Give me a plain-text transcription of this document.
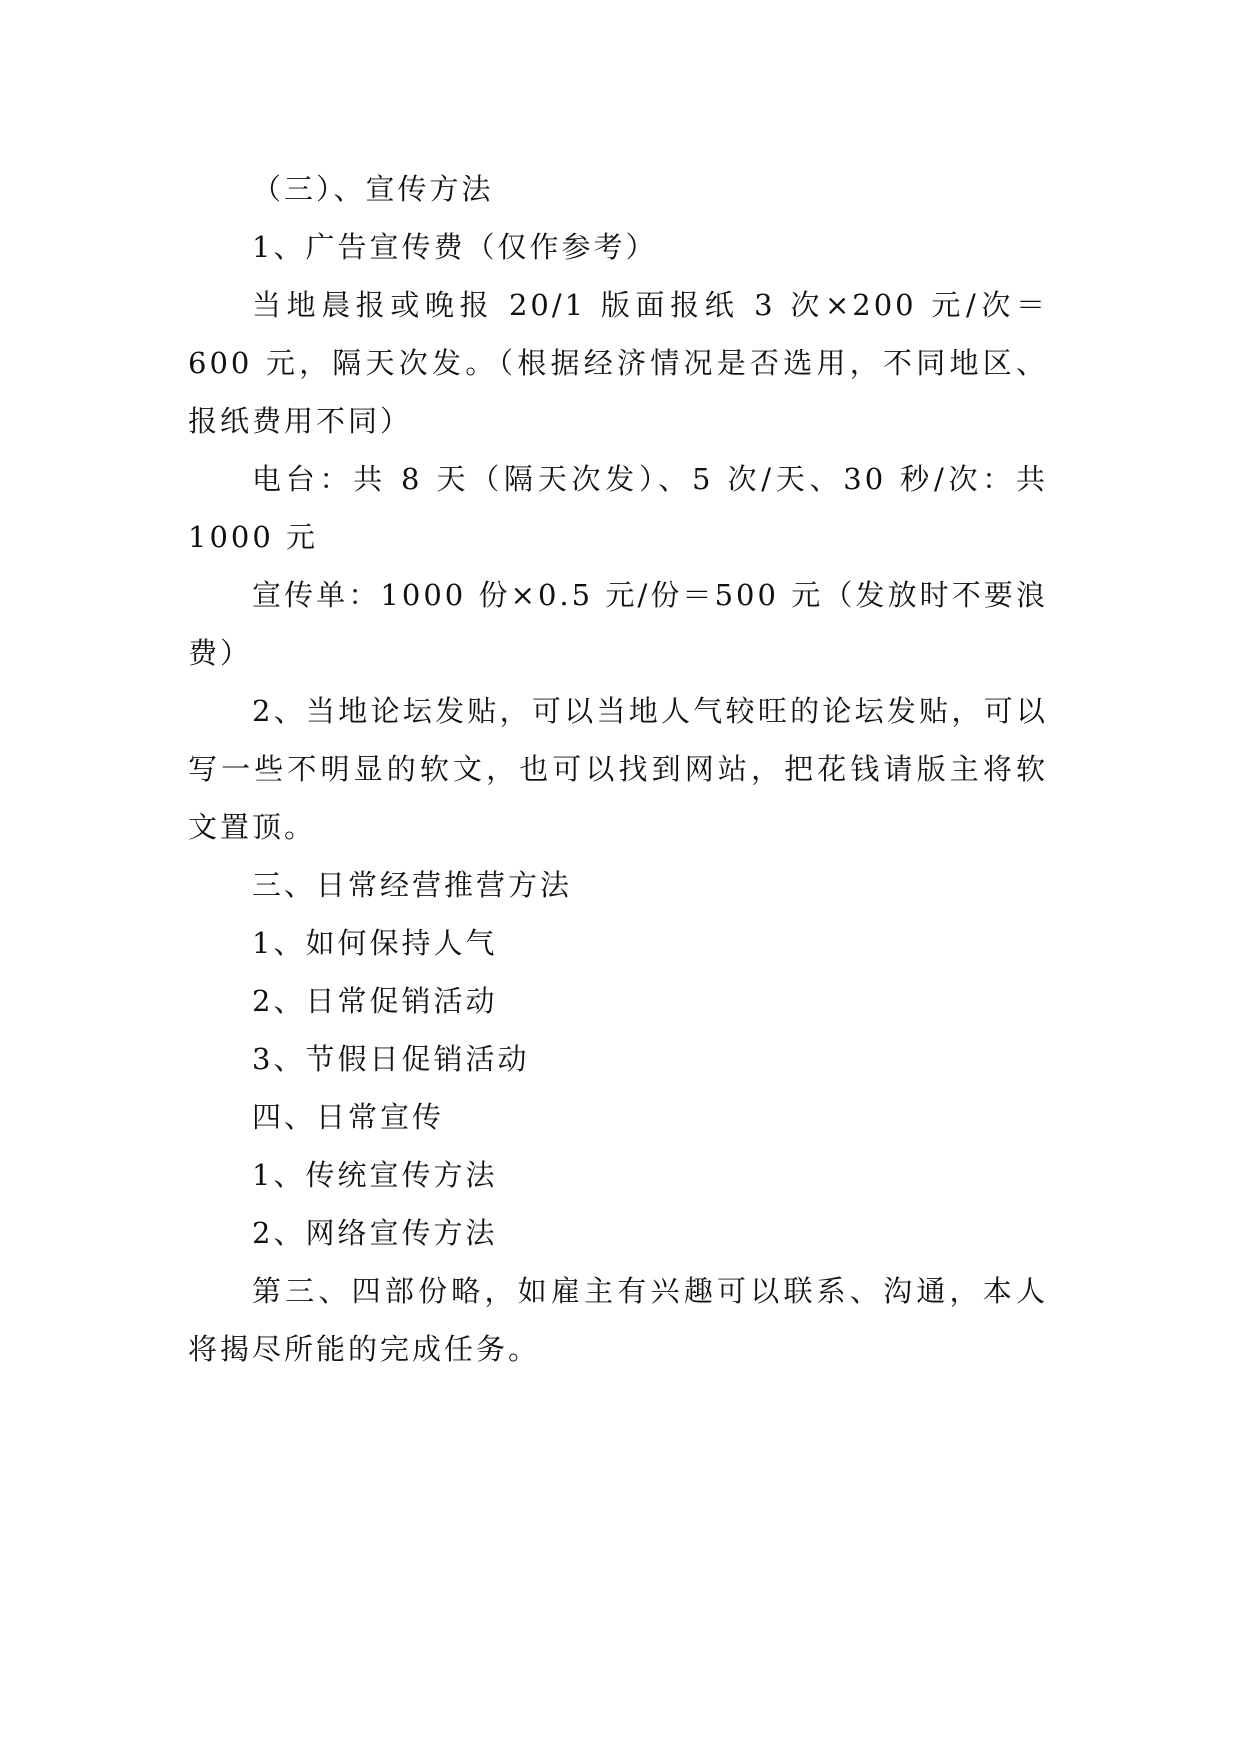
（三）、宣传方法

1、广告宣传费（仅作参考）

当地晨报或晚报 20/1 版面报纸 3 次×200 元/次＝600 元，隔天次发。（根据经济情况是否选用，不同地区、报纸费用不同）

电台：共 8 天（隔天次发）、5 次/天、30 秒/次：共 1000 元

宣传单：1000 份×0.5 元/份＝500 元（发放时不要浪费）

2、当地论坛发贴，可以当地人气较旺的论坛发贴，可以写一些不明显的软文，也可以找到网站，把花钱请版主将软文置顶。

三、日常经营推营方法

1、如何保持人气

2、日常促销活动

3、节假日促销活动

四、日常宣传

1、传统宣传方法

2、网络宣传方法

第三、四部份略，如雇主有兴趣可以联系、沟通，本人将揭尽所能的完成任务。
